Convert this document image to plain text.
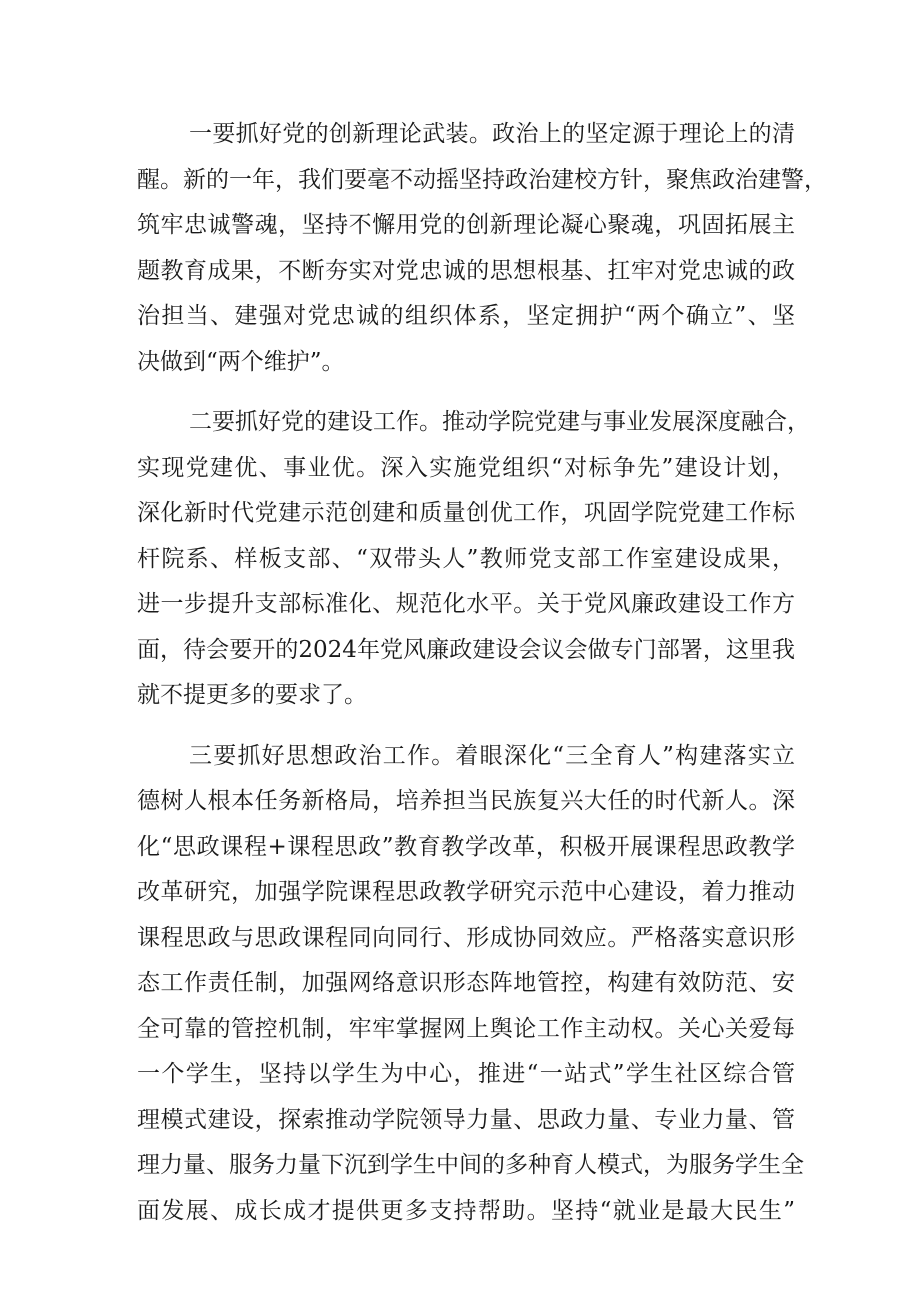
一要抓好党的创新理论武装。政治上的坚定源于理论上的清
醒。新的一年，我们要毫不动摇坚持政治建校方针，聚焦政治建警，
筑牢忠诚警魂，坚持不懈用党的创新理论凝心聚魂，巩固拓展主
题教育成果，不断夯实对党忠诚的思想根基、扛牢对党忠诚的政
治担当、建强对党忠诚的组织体系，坚定拥护“两个确立”、坚
决做到“两个维护”。
二要抓好党的建设工作。推动学院党建与事业发展深度融合，
实现党建优、事业优。深入实施党组织“对标争先”建设计划，
深化新时代党建示范创建和质量创优工作，巩固学院党建工作标
杆院系、样板支部、“双带头人”教师党支部工作室建设成果，
进一步提升支部标准化、规范化水平。关于党风廉政建设工作方
面，待会要开的2024年党风廉政建设会议会做专门部署，这里我
就不提更多的要求了。
三要抓好思想政治工作。着眼深化“三全育人”构建落实立
德树人根本任务新格局，培养担当民族复兴大任的时代新人。深
化“思政课程+课程思政”教育教学改革，积极开展课程思政教学
改革研究，加强学院课程思政教学研究示范中心建设，着力推动
课程思政与思政课程同向同行、形成协同效应。严格落实意识形
态工作责任制，加强网络意识形态阵地管控，构建有效防范、安
全可靠的管控机制，牢牢掌握网上舆论工作主动权。关心关爱每
一个学生，坚持以学生为中心，推进“一站式”学生社区综合管
理模式建设，探索推动学院领导力量、思政力量、专业力量、管
理力量、服务力量下沉到学生中间的多种育人模式，为服务学生全
面发展、成长成才提供更多支持帮助。坚持“就业是最大民生”
